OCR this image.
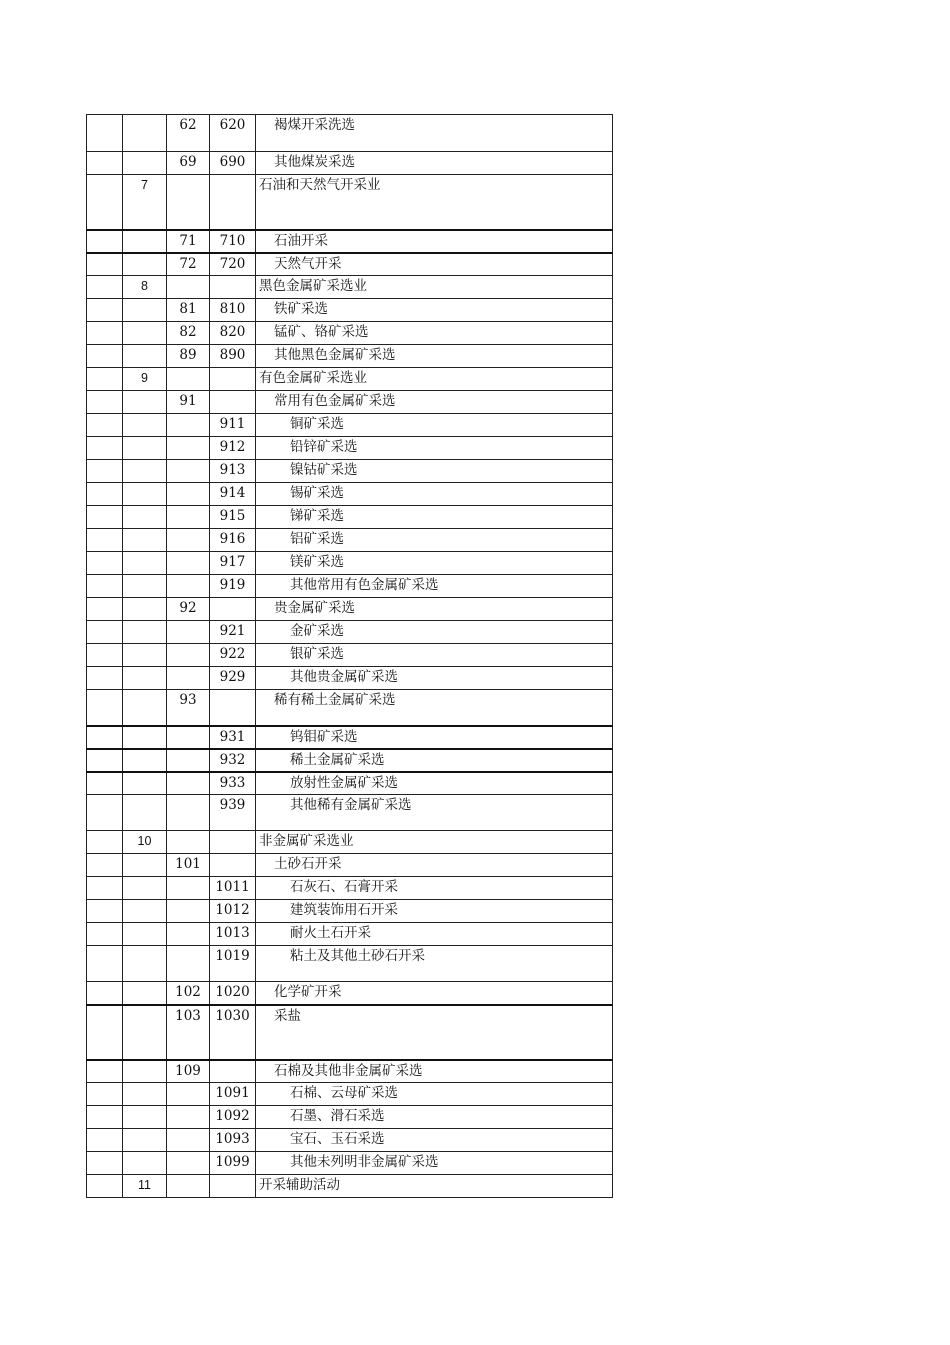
		62	620	褐煤开采洗选
		69	690	其他煤炭采选
	7			石油和天然气开采业
		71	710	石油开采
		72	720	天然气开采
	8			黑色金属矿采选业
		81	810	铁矿采选
		82	820	锰矿、铬矿采选
		89	890	其他黑色金属矿采选
	9			有色金属矿采选业
		91		常用有色金属矿采选
			911	铜矿采选
			912	铅锌矿采选
			913	镍钴矿采选
			914	锡矿采选
			915	锑矿采选
			916	铝矿采选
			917	镁矿采选
			919	其他常用有色金属矿采选
		92		贵金属矿采选
			921	金矿采选
			922	银矿采选
			929	其他贵金属矿采选
		93		稀有稀土金属矿采选
			931	钨钼矿采选
			932	稀土金属矿采选
			933	放射性金属矿采选
			939	其他稀有金属矿采选
	10			非金属矿采选业
		101		土砂石开采
			1011	石灰石、石膏开采
			1012	建筑装饰用石开采
			1013	耐火土石开采
			1019	粘土及其他土砂石开采
		102	1020	化学矿开采
		103	1030	采盐
		109		石棉及其他非金属矿采选
			1091	石棉、云母矿采选
			1092	石墨、滑石采选
			1093	宝石、玉石采选
			1099	其他未列明非金属矿采选
	11			开采辅助活动
